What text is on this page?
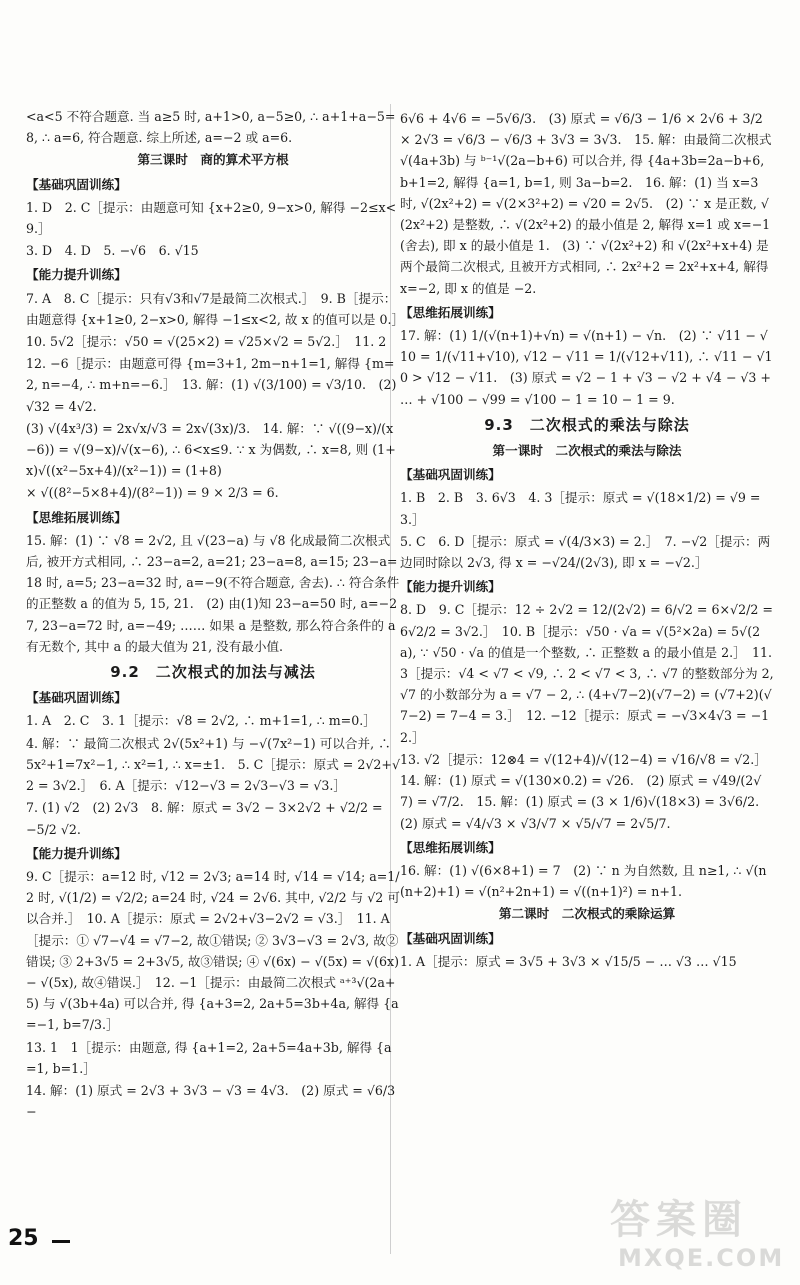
<a<5 不符合题意. 当 a≥5 时, a+1>0, a−5≥0, ∴ a+1+a−5=8, ∴ a=6, 符合题意. 综上所述, a=−2 或 a=6.
第三课时　商的算术平方根
【基础巩固训练】
1. D　2. C［提示：由题意可知 {x+2≥0, 9−x>0, 解得 −2≤x<9.］
3. D　4. D　5. −√6　6. √15
【能力提升训练】
7. A　8. C［提示：只有√3和√7是最简二次根式.］　9. B［提示：由题意得 {x+1≥0, 2−x>0, 解得 −1≤x<2, 故 x 的值可以是 0.］
10. 5√2［提示：√50 = √(25×2) = √25×√2 = 5√2.］　11. 2
12. −6［提示：由题意可得 {m=3+1, 2m−n+1=1, 解得 {m=2, n=−4, ∴ m+n=−6.］　13. 解：(1) √(3/100) = √3/10.　(2) √32 = 4√2.
(3) √(4x³/3) = 2x√x/√3 = 2x√(3x)/3.　14. 解：∵ √((9−x)/(x−6)) = √(9−x)/√(x−6), ∴ 6<x≤9. ∵ x 为偶数, ∴ x=8, 则 (1+x)√((x²−5x+4)/(x²−1)) = (1+8)
× √((8²−5×8+4)/(8²−1)) = 9 × 2/3 = 6.
【思维拓展训练】
15. 解：(1) ∵ √8 = 2√2, 且 √(23−a) 与 √8 化成最简二次根式后, 被开方式相同, ∴ 23−a=2, a=21; 23−a=8, a=15; 23−a=18 时, a=5; 23−a=32 时, a=−9(不符合题意, 舍去). ∴ 符合条件的正整数 a 的值为 5, 15, 21.　(2) 由(1)知 23−a=50 时, a=−27, 23−a=72 时, a=−49; …… 如果 a 是整数, 那么符合条件的 a 有无数个, 其中 a 的最大值为 21, 没有最小值.
9.2　二次根式的加法与减法
【基础巩固训练】
1. A　2. C　3. 1［提示：√8 = 2√2, ∴ m+1=1, ∴ m=0.］
4. 解：∵ 最简二次根式 2√(5x²+1) 与 −√(7x²−1) 可以合并, ∴ 5x²+1=7x²−1, ∴ x²=1, ∴ x=±1.　5. C［提示：原式 = 2√2+√2 = 3√2.］　6. A［提示：√12−√3 = 2√3−√3 = √3.］
7. (1) √2　(2) 2√3　8. 解：原式 = 3√2 − 3×2√2 + √2/2 = −5/2 √2.
【能力提升训练】
9. C［提示：a=12 时, √12 = 2√3; a=14 时, √14 = √14; a=1/2 时, √(1/2) = √2/2; a=24 时, √24 = 2√6. 其中, √2/2 与 √2 可以合并.］　10. A［提示：原式 = 2√2+√3−2√2 = √3.］　11. A［提示：① √7−√4 = √7−2, 故①错误; ② 3√3−√3 = 2√3, 故②错误; ③ 2+3√5 = 2+3√5, 故③错误; ④ √(6x) − √(5x) = √(6x) − √(5x), 故④错误.］　12. −1［提示：由最简二次根式 ᵃ⁺³√(2a+5) 与 √(3b+4a) 可以合并, 得 {a+3=2, 2a+5=3b+4a, 解得 {a=−1, b=7/3.］
13. 1　1［提示：由题意, 得 {a+1=2, 2a+5=4a+3b, 解得 {a=1, b=1.］
14. 解：(1) 原式 = 2√3 + 3√3 − √3 = 4√3.　(2) 原式 = √6/3 −
6√6 + 4√6 = −5√6/3.　(3) 原式 = √6/3 − 1/6 × 2√6 + 3/2 × 2√3 = √6/3 − √6/3 + 3√3 = 3√3.　15. 解：由最简二次根式 √(4a+3b) 与 ᵇ⁻¹√(2a−b+6) 可以合并, 得 {4a+3b=2a−b+6, b+1=2, 解得 {a=1, b=1, 则 3a−b=2.　16. 解：(1) 当 x=3 时, √(2x²+2) = √(2×3²+2) = √20 = 2√5.　(2) ∵ x 是正数, √(2x²+2) 是整数, ∴ √(2x²+2) 的最小值是 2, 解得 x=1 或 x=−1(舍去), 即 x 的最小值是 1.　(3) ∵ √(2x²+2) 和 √(2x²+x+4) 是两个最简二次根式, 且被开方式相同, ∴ 2x²+2 = 2x²+x+4, 解得 x=−2, 即 x 的值是 −2.
【思维拓展训练】
17. 解：(1) 1/(√(n+1)+√n) = √(n+1) − √n.　(2) ∵ √11 − √10 = 1/(√11+√10), √12 − √11 = 1/(√12+√11), ∴ √11 − √10 > √12 − √11.　(3) 原式 = √2 − 1 + √3 − √2 + √4 − √3 + … + √100 − √99 = √100 − 1 = 10 − 1 = 9.
9.3　二次根式的乘法与除法
第一课时　二次根式的乘法与除法
【基础巩固训练】
1. B　2. B　3. 6√3　4. 3［提示：原式 = √(18×1/2) = √9 = 3.］
5. C　6. D［提示：原式 = √(4/3×3) = 2.］　7. −√2［提示：两边同时除以 2√3, 得 x = −√24/(2√3), 即 x = −√2.］
【能力提升训练】
8. D　9. C［提示：12 ÷ 2√2 = 12/(2√2) = 6/√2 = 6×√2/2 = 6√2/2 = 3√2.］　10. B［提示：√50 · √a = √(5²×2a) = 5√(2a), ∵ √50 · √a 的值是一个整数, ∴ 正整数 a 的最小值是 2.］　11. 3［提示：√4 < √7 < √9, ∴ 2 < √7 < 3, ∴ √7 的整数部分为 2, √7 的小数部分为 a = √7 − 2, ∴ (4+√7−2)(√7−2) = (√7+2)(√7−2) = 7−4 = 3.］　12. −12［提示：原式 = −√3×4√3 = −12.］
13. √2［提示：12⊗4 = √(12+4)/√(12−4) = √16/√8 = √2.］　14. 解：(1) 原式 = √(130×0.2) = √26.　(2) 原式 = √49/(2√7) = √7/2.　15. 解：(1) 原式 = (3 × 1/6)√(18×3) = 3√6/2.　(2) 原式 = √4/√3 × √3/√7 × √5/√7 = 2√5/7.
【思维拓展训练】
16. 解：(1) √(6×8+1) = 7　(2) ∵ n 为自然数, 且 n≥1, ∴ √(n(n+2)+1) = √(n²+2n+1) = √((n+1)²) = n+1.
第二课时　二次根式的乘除运算
【基础巩固训练】
1. A［提示：原式 = 3√5 + 3√3 × √15/5 − … √3 … √15
25	答案圈
MXQE.COM
